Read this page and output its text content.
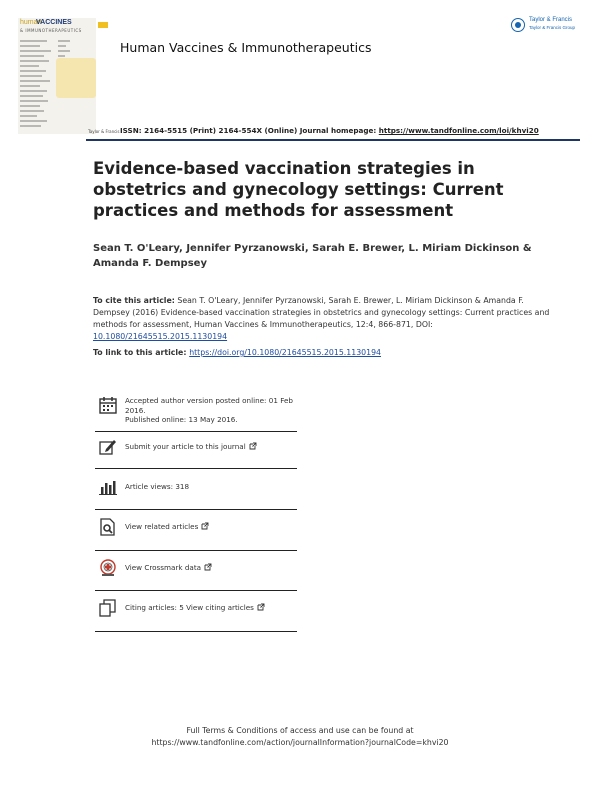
human
VACCINES
& IMMUNOTHERAPEUTICS
Taylor & Francis
Taylor & Francis Group
Human Vaccines & Immunotherapeutics
Taylor & Francis ISSN: 2164-5515 (Print) 2164-554X (Online) Journal homepage: https://www.tandfonline.com/loi/khvi20
Evidence-based vaccination strategies in obstetrics and gynecology settings: Current practices and methods for assessment
Sean T. O'Leary, Jennifer Pyrzanowski, Sarah E. Brewer, L. Miriam Dickinson & Amanda F. Dempsey
To cite this article: Sean T. O'Leary, Jennifer Pyrzanowski, Sarah E. Brewer, L. Miriam Dickinson & Amanda F. Dempsey (2016) Evidence-based vaccination strategies in obstetrics and gynecology settings: Current practices and methods for assessment, Human Vaccines & Immunotherapeutics, 12:4, 866-871, DOI: 10.1080/21645515.2015.1130194
To link to this article: https://doi.org/10.1080/21645515.2015.1130194
Accepted author version posted online: 01 Feb 2016.
Published online: 13 May 2016.
Submit your article to this journal
Article views: 318
View related articles
View Crossmark data
Citing articles: 5 View citing articles
Full Terms & Conditions of access and use can be found at
https://www.tandfonline.com/action/journalInformation?journalCode=khvi20
